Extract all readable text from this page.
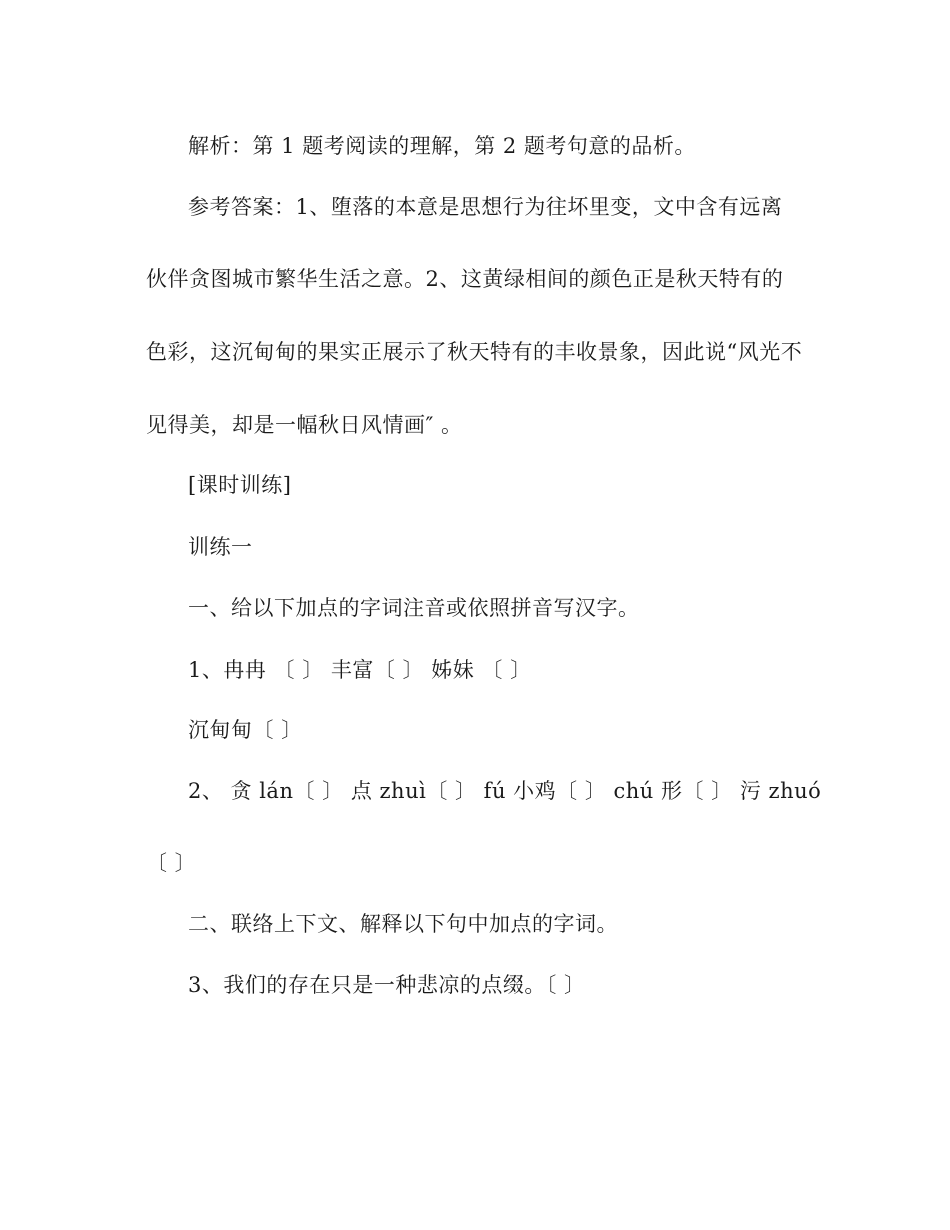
解析：第 1 题考阅读的理解，第 2 题考句意的品析。
参考答案：1、堕落的本意是思想行为往坏里变，文中含有远离
伙伴贪图城市繁华生活之意。2、这黄绿相间的颜色正是秋天特有的
色彩，这沉甸甸的果实正展示了秋天特有的丰收景象，因此说“风光不
见得美，却是一幅秋日风情画″ 。
[课时训练]
训练一
一、给以下加点的字词注音或依照拼音写汉字。
1、冉冉 〔 〕 丰富〔 〕 姊妹 〔 〕
沉甸甸〔 〕
2、 贪 lán〔 〕 点 zhuì〔 〕 fú 小鸡〔 〕 chú 形〔 〕 污 zhuó
〔 〕
二、联络上下文、解释以下句中加点的字词。
3、我们的存在只是一种悲凉的点缀。〔 〕
